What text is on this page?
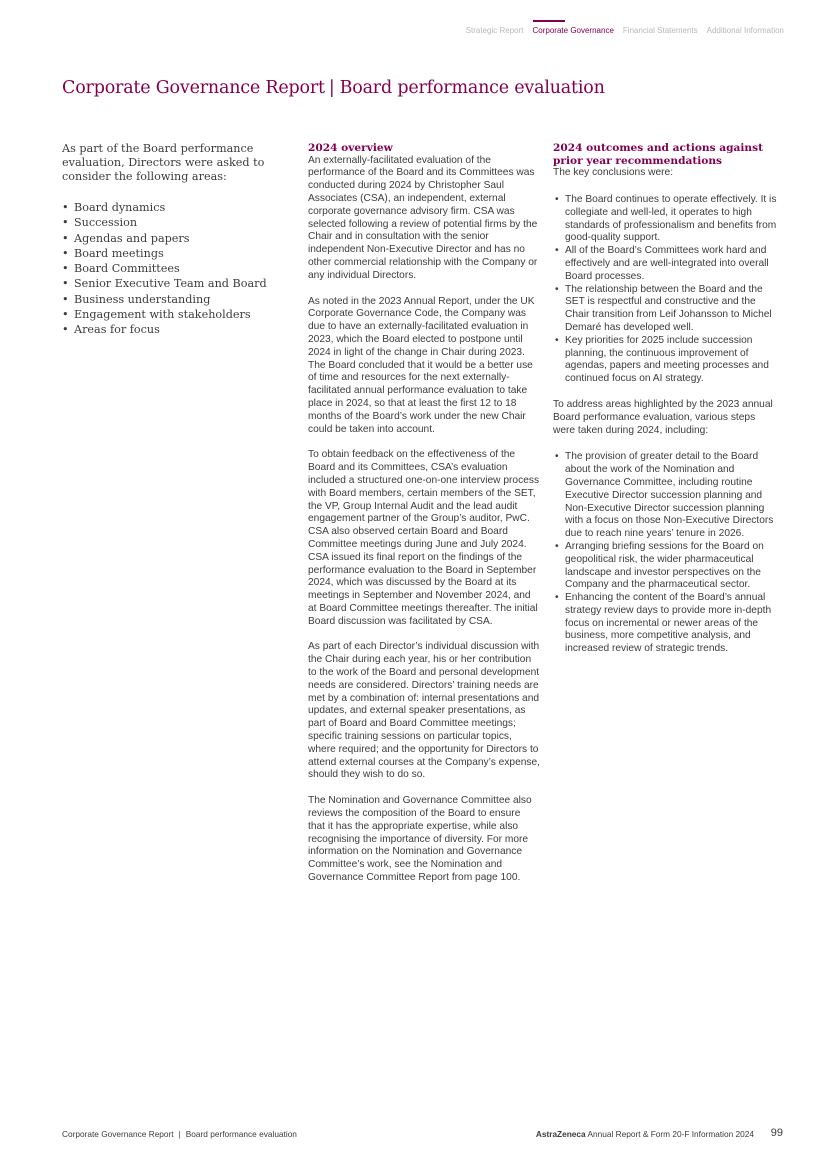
Strategic Report Corporate Governance Financial Statements Additional Information
Corporate Governance Report | Board performance evaluation

As part of the Board performance evaluation, Directors were asked to consider the following areas:

• Board dynamics
• Succession
• Agendas and papers
• Board meetings
• Board Committees
• Senior Executive Team and Board
• Business understanding
• Engagement with stakeholders
• Areas for focus
2024 overview

An externally-facilitated evaluation of the performance of the Board and its Committees was conducted during 2024 by Christopher Saul Associates (CSA), an independent, external corporate governance advisory firm. CSA was selected following a review of potential firms by the Chair and in consultation with the senior independent Non-Executive Director and has no other commercial relationship with the Company or any individual Directors.

As noted in the 2023 Annual Report, under the UK Corporate Governance Code, the Company was due to have an externally-facilitated evaluation in 2023, which the Board elected to postpone until 2024 in light of the change in Chair during 2023. The Board concluded that it would be a better use of time and resources for the next externally-facilitated annual performance evaluation to take place in 2024, so that at least the first 12 to 18 months of the Board’s work under the new Chair could be taken into account.

To obtain feedback on the effectiveness of the Board and its Committees, CSA’s evaluation included a structured one-on-one interview process with Board members, certain members of the SET, the VP, Group Internal Audit and the lead audit engagement partner of the Group’s auditor, PwC. CSA also observed certain Board and Board Committee meetings during June and July 2024. CSA issued its final report on the findings of the performance evaluation to the Board in September 2024, which was discussed by the Board at its meetings in September and November 2024, and at Board Committee meetings thereafter. The initial Board discussion was facilitated by CSA.

As part of each Director’s individual discussion with the Chair during each year, his or her contribution to the work of the Board and personal development needs are considered. Directors’ training needs are met by a combination of: internal presentations and updates, and external speaker presentations, as part of Board and Board Committee meetings; specific training sessions on particular topics, where required; and the opportunity for Directors to attend external courses at the Company’s expense, should they wish to do so.

The Nomination and Governance Committee also reviews the composition of the Board to ensure that it has the appropriate expertise, while also recognising the importance of diversity. For more information on the Nomination and Governance Committee’s work, see the Nomination and Governance Committee Report from page 100.

2024 outcomes and actions against prior year recommendations

The key conclusions were:

• The Board continues to operate effectively. It is collegiate and well-led, it operates to high standards of professionalism and benefits from good-quality support.
• All of the Board’s Committees work hard and effectively and are well-integrated into overall Board processes.
• The relationship between the Board and the SET is respectful and constructive and the Chair transition from Leif Johansson to Michel Demaré has developed well.
• Key priorities for 2025 include succession planning, the continuous improvement of agendas, papers and meeting processes and continued focus on AI strategy.

To address areas highlighted by the 2023 annual Board performance evaluation, various steps were taken during 2024, including:

• The provision of greater detail to the Board about the work of the Nomination and Governance Committee, including routine Executive Director succession planning and Non-Executive Director succession planning with a focus on those Non-Executive Directors due to reach nine years’ tenure in 2026.
• Arranging briefing sessions for the Board on geopolitical risk, the wider pharmaceutical landscape and investor perspectives on the Company and the pharmaceutical sector.
• Enhancing the content of the Board’s annual strategy review days to provide more in-depth focus on incremental or newer areas of the business, more competitive analysis, and increased review of strategic trends.
Corporate Governance Report | Board performance evaluation	AstraZeneca Annual Report & Form 20-F Information 2024 99
